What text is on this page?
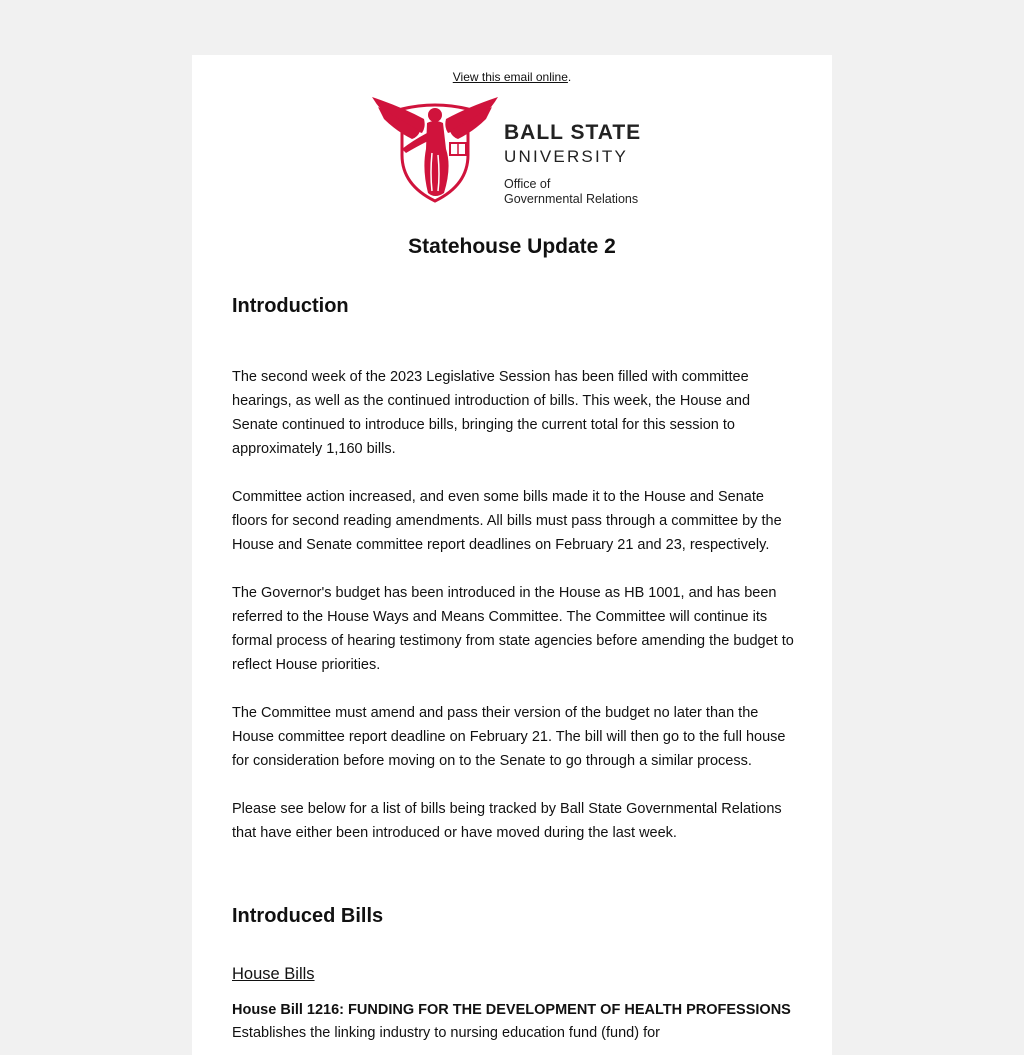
View this email online.
BALL STATE
UNIVERSITY
Office of
Governmental Relations
Statehouse Update 2
Introduction

The second week of the 2023 Legislative Session has been filled with committee hearings, as well as the continued introduction of bills. This week, the House and Senate continued to introduce bills, bringing the current total for this session to approximately 1,160 bills.

Committee action increased, and even some bills made it to the House and Senate floors for second reading amendments. All bills must pass through a committee by the House and Senate committee report deadlines on February 21 and 23, respectively.

The Governor's budget has been introduced in the House as HB 1001, and has been referred to the House Ways and Means Committee. The Committee will continue its formal process of hearing testimony from state agencies before amending the budget to reflect House priorities.

The Committee must amend and pass their version of the budget no later than the House committee report deadline on February 21. The bill will then go to the full house for consideration before moving on to the Senate to go through a similar process.

Please see below for a list of bills being tracked by Ball State Governmental Relations that have either been introduced or have moved during the last week.

Introduced Bills
House Bills

House Bill 1216: FUNDING FOR THE DEVELOPMENT OF HEALTH PROFESSIONS Establishes the linking industry to nursing education fund (fund) for
